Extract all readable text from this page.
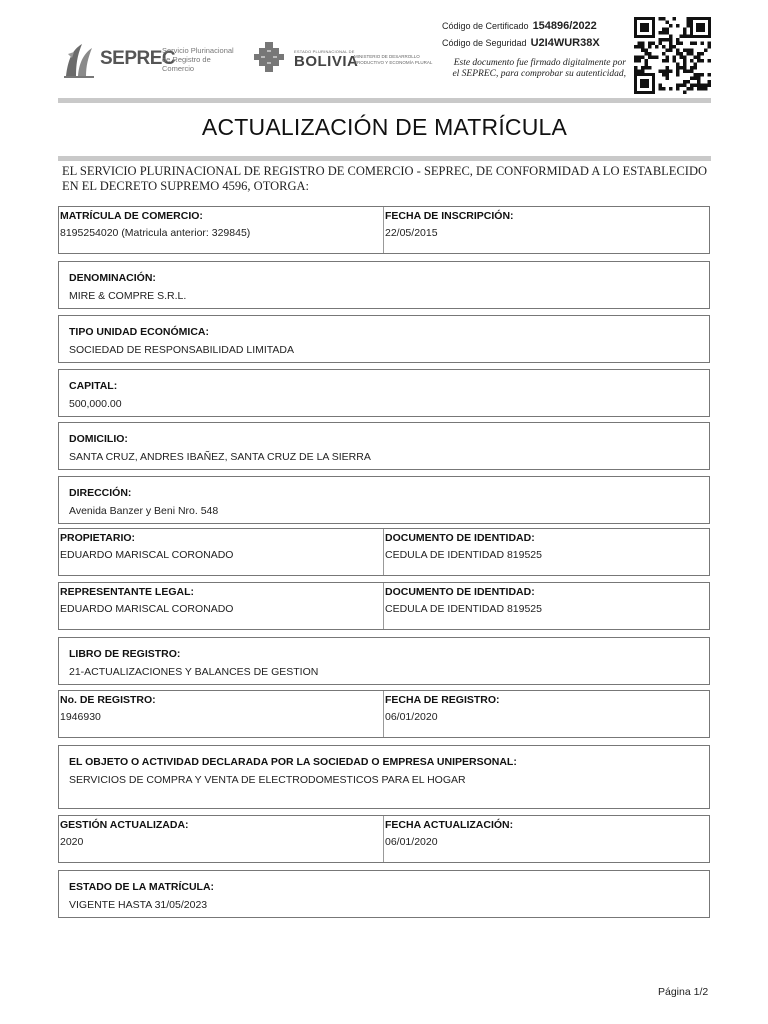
SEPREC
Servicio Plurinacional de Registro de Comercio
ESTADO PLURINACIONAL DE
BOLIVIA
MINISTERIO DE DESARROLLO PRODUCTIVO Y ECONOMÍA PLURAL
Código de Certificado 154896/2022
Código de Seguridad U2I4WUR38X
Este documento fue firmado digitalmente por el SEPREC, para comprobar su autenticidad,
ACTUALIZACIÓN DE MATRÍCULA
EL SERVICIO PLURINACIONAL DE REGISTRO DE COMERCIO - SEPREC, DE CONFORMIDAD A LO ESTABLECIDO EN EL DECRETO SUPREMO 4596, OTORGA:
MATRÍCULA DE COMERCIO:
8195254020 (Matricula anterior: 329845)
FECHA DE INSCRIPCIÓN:
22/05/2015
DENOMINACIÓN:
MIRE & COMPRE S.R.L.
TIPO UNIDAD ECONÓMICA:
SOCIEDAD DE RESPONSABILIDAD LIMITADA
CAPITAL:
500,000.00
DOMICILIO:
SANTA CRUZ, ANDRES IBAÑEZ, SANTA CRUZ DE LA SIERRA
DIRECCIÓN:
Avenida Banzer y Beni Nro. 548
PROPIETARIO:
EDUARDO MARISCAL CORONADO
DOCUMENTO DE IDENTIDAD:
CEDULA DE IDENTIDAD 819525
REPRESENTANTE LEGAL:
EDUARDO MARISCAL CORONADO
DOCUMENTO DE IDENTIDAD:
CEDULA DE IDENTIDAD 819525
LIBRO DE REGISTRO:
21-ACTUALIZACIONES Y BALANCES DE GESTION
No. DE REGISTRO:
1946930
FECHA DE REGISTRO:
06/01/2020
EL OBJETO O ACTIVIDAD DECLARADA POR LA SOCIEDAD O EMPRESA UNIPERSONAL:
SERVICIOS DE COMPRA Y VENTA DE ELECTRODOMESTICOS PARA EL HOGAR
GESTIÓN ACTUALIZADA:
2020
FECHA ACTUALIZACIÓN:
06/01/2020
ESTADO DE LA MATRÍCULA:
VIGENTE HASTA 31/05/2023
Página 1/2
